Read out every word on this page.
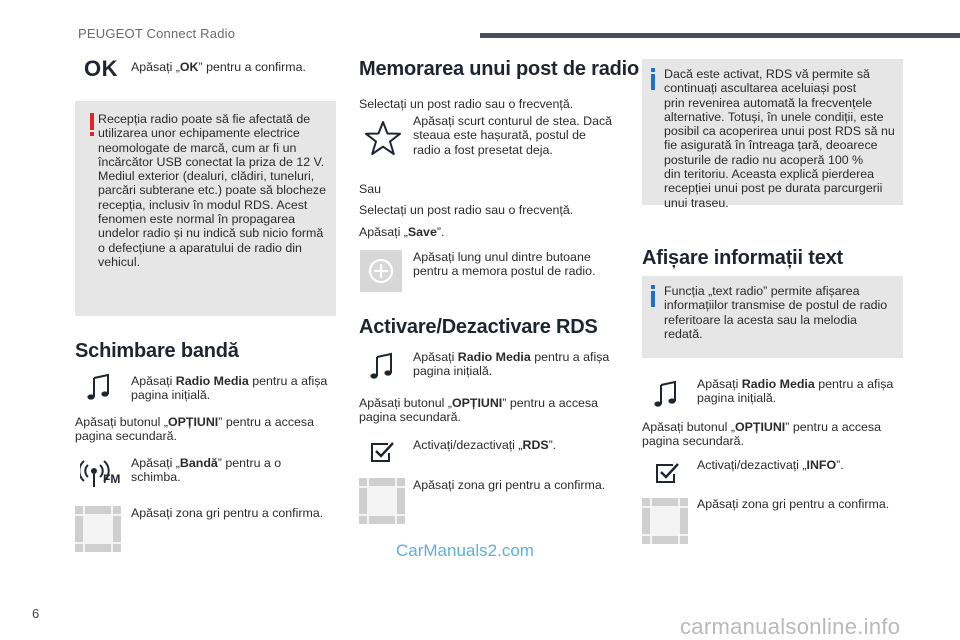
PEUGEOT Connect Radio
OK Apăsați „OK” pentru a confirma.
Recepția radio poate să fie afectată de
utilizarea unor echipamente electrice
neomologate de marcă, cum ar fi un
încărcător USB conectat la priza de 12 V.
Mediul exterior (dealuri, clădiri, tuneluri,
parcări subterane etc.) poate să blocheze
recepția, inclusiv în modul RDS. Acest
fenomen este normal în propagarea
undelor radio și nu indică sub nicio formă
o defecțiune a aparatului de radio din
vehicul.
Schimbare bandă
Apăsați Radio Media pentru a afișa
pagina inițială.
Apăsați butonul „OPȚIUNI” pentru a accesa
pagina secundară.
FM
Apăsați „Bandă” pentru a o
schimba.
Apăsați zona gri pentru a confirma.
Memorarea unui post de radio
Selectați un post radio sau o frecvență.
Apăsați scurt conturul de stea. Dacă
steaua este hașurată, postul de
radio a fost presetat deja.
Sau
Selectați un post radio sau o frecvență.
Apăsați „Save”.
Apăsați lung unul dintre butoane
pentru a memora postul de radio.
Activare/Dezactivare RDS
Apăsați Radio Media pentru a afișa
pagina inițială.
Apăsați butonul „OPȚIUNI” pentru a accesa
pagina secundară.
Activați/dezactivați „RDS”.
Apăsați zona gri pentru a confirma.
Dacă este activat, RDS vă permite să
continuați ascultarea aceluiași post
prin revenirea automată la frecvențele
alternative. Totuși, în unele condiții, este
posibil ca acoperirea unui post RDS să nu
fie asigurată în întreaga țară, deoarece
posturile de radio nu acoperă 100 %
din teritoriu. Aceasta explică pierderea
recepției unui post pe durata parcurgerii
unui traseu.
Afișare informații text
Funcția „text radio” permite afișarea
informațiilor transmise de postul de radio
referitoare la acesta sau la melodia
redată.
Apăsați Radio Media pentru a afișa
pagina inițială.
Apăsați butonul „OPȚIUNI” pentru a accesa
pagina secundară.
Activați/dezactivați „INFO”.
Apăsați zona gri pentru a confirma.
CarManuals2.com
6
carmanualsonline.info
